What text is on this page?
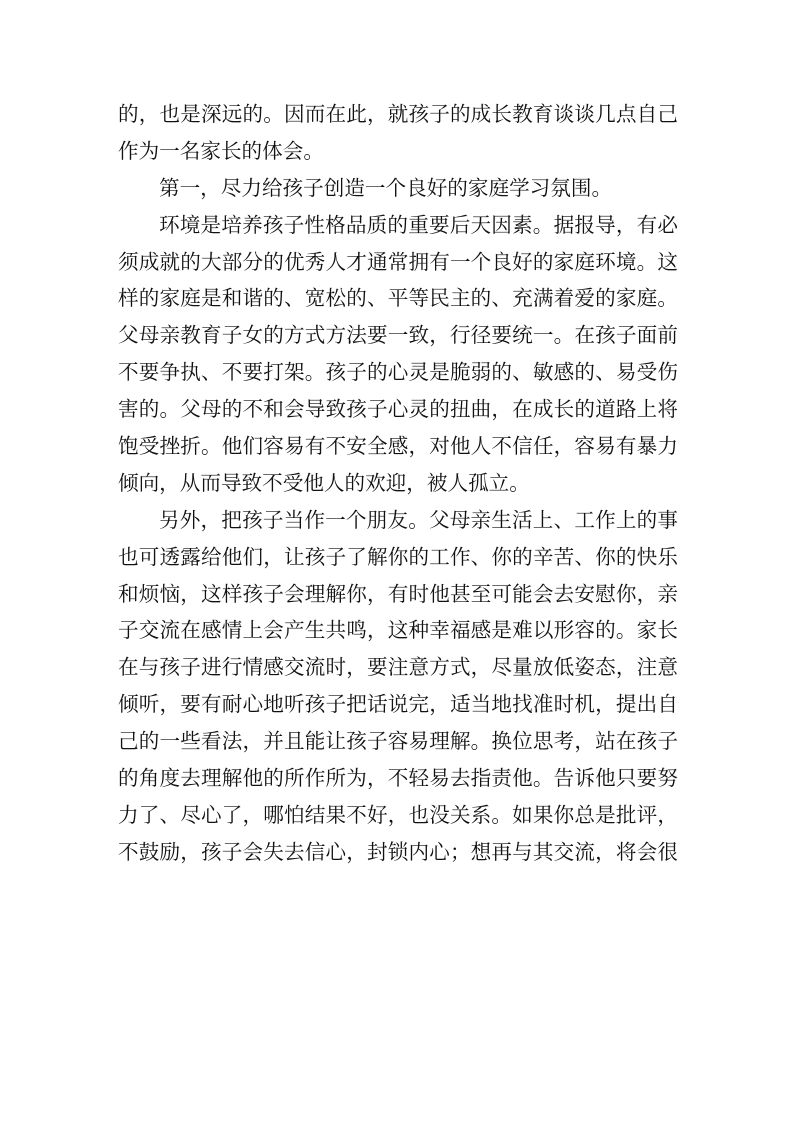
的，也是深远的。因而在此，就孩子的成长教育谈谈几点自己
作为一名家长的体会。
第一，尽力给孩子创造一个良好的家庭学习氛围。
环境是培养孩子性格品质的重要后天因素。据报导，有必
须成就的大部分的优秀人才通常拥有一个良好的家庭环境。这
样的家庭是和谐的、宽松的、平等民主的、充满着爱的家庭。
父母亲教育子女的方式方法要一致，行径要统一。在孩子面前
不要争执、不要打架。孩子的心灵是脆弱的、敏感的、易受伤
害的。父母的不和会导致孩子心灵的扭曲，在成长的道路上将
饱受挫折。他们容易有不安全感，对他人不信任，容易有暴力
倾向，从而导致不受他人的欢迎，被人孤立。
另外，把孩子当作一个朋友。父母亲生活上、工作上的事
也可透露给他们，让孩子了解你的工作、你的辛苦、你的快乐
和烦恼，这样孩子会理解你，有时他甚至可能会去安慰你，亲
子交流在感情上会产生共鸣，这种幸福感是难以形容的。家长
在与孩子进行情感交流时，要注意方式，尽量放低姿态，注意
倾听，要有耐心地听孩子把话说完，适当地找准时机，提出自
己的一些看法，并且能让孩子容易理解。换位思考，站在孩子
的角度去理解他的所作所为，不轻易去指责他。告诉他只要努
力了、尽心了，哪怕结果不好，也没关系。如果你总是批评，
不鼓励，孩子会失去信心，封锁内心；想再与其交流，将会很
